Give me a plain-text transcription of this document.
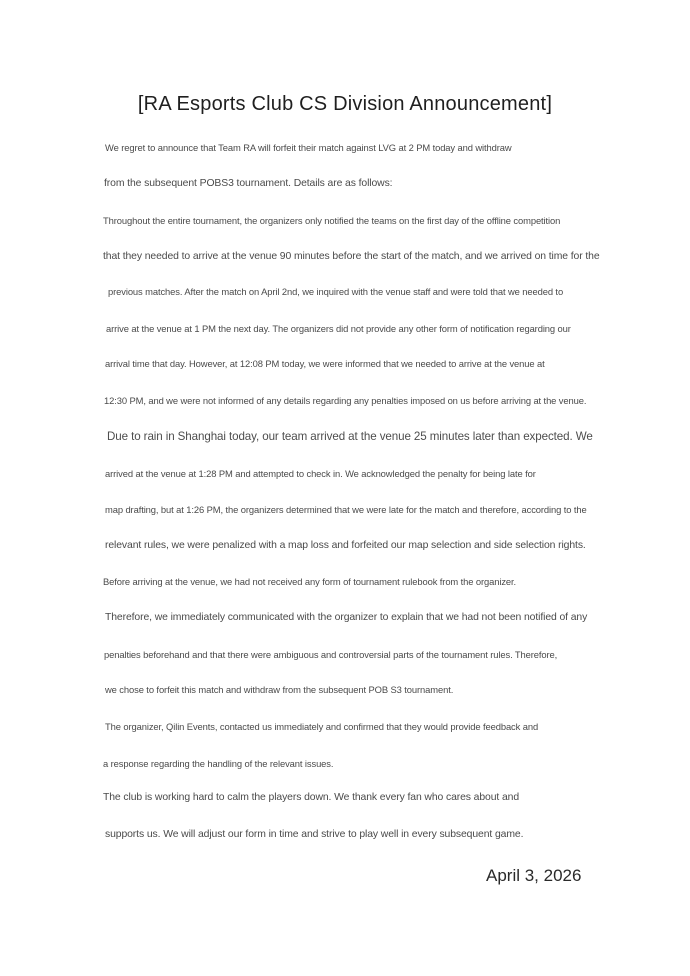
[RA Esports Club CS Division Announcement]
We regret to announce that Team RA will forfeit their match against LVG at 2 PM today and withdraw
from the subsequent POBS3 tournament. Details are as follows:
Throughout the entire tournament, the organizers only notified the teams on the first day of the offline competition
that they needed to arrive at the venue 90 minutes before the start of the match, and we arrived on time for the
previous matches. After the match on April 2nd, we inquired with the venue staff and were told that we needed to
arrive at the venue at 1 PM the next day. The organizers did not provide any other form of notification regarding our
arrival time that day. However, at 12:08 PM today, we were informed that we needed to arrive at the venue at
12:30 PM, and we were not informed of any details regarding any penalties imposed on us before arriving at the venue.
Due to rain in Shanghai today, our team arrived at the venue 25 minutes later than expected. We
arrived at the venue at 1:28 PM and attempted to check in. We acknowledged the penalty for being late for
map drafting, but at 1:26 PM, the organizers determined that we were late for the match and therefore, according to the
relevant rules, we were penalized with a map loss and forfeited our map selection and side selection rights.
Before arriving at the venue, we had not received any form of tournament rulebook from the organizer.
Therefore, we immediately communicated with the organizer to explain that we had not been notified of any
penalties beforehand and that there were ambiguous and controversial parts of the tournament rules. Therefore,
we chose to forfeit this match and withdraw from the subsequent POB S3 tournament.
The organizer, Qilin Events, contacted us immediately and confirmed that they would provide feedback and
a response regarding the handling of the relevant issues.
The club is working hard to calm the players down. We thank every fan who cares about and
supports us. We will adjust our form in time and strive to play well in every subsequent game.
April 3, 2026
